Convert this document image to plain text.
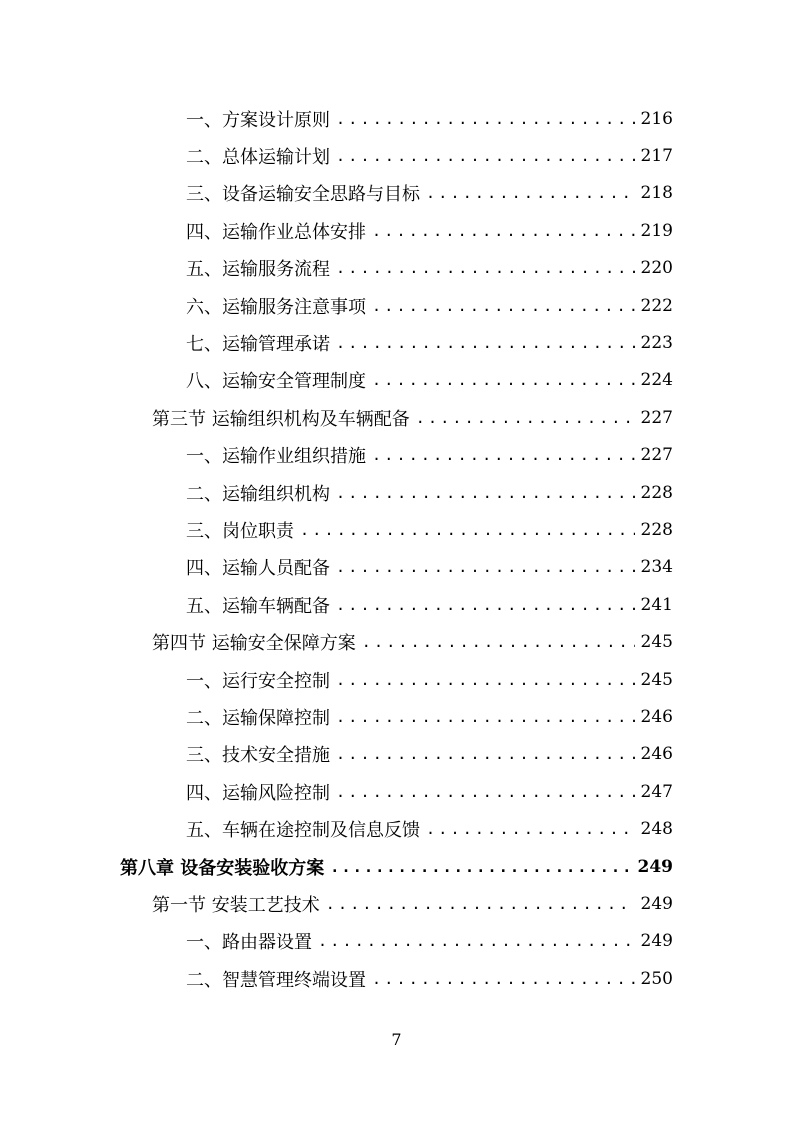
一、方案设计原则 .....	216
二、总体运输计划 .....	217
三、设备运输安全思路与目标 .....	218
四、运输作业总体安排 .....	219
五、运输服务流程 .....	220
六、运输服务注意事项 .....	222
七、运输管理承诺 .....	223
八、运输安全管理制度 .....	224
第三节 运输组织机构及车辆配备 .....	227
一、运输作业组织措施 .....	227
二、运输组织机构 .....	228
三、岗位职责 .....	228
四、运输人员配备 .....	234
五、运输车辆配备 .....	241
第四节 运输安全保障方案 .....	245
一、运行安全控制 .....	245
二、运输保障控制 .....	246
三、技术安全措施 .....	246
四、运输风险控制 .....	247
五、车辆在途控制及信息反馈 .....	248
第八章 设备安装验收方案 .....	249
第一节 安装工艺技术 .....	249
一、路由器设置 .....	249
二、智慧管理终端设置 .....	250
7
